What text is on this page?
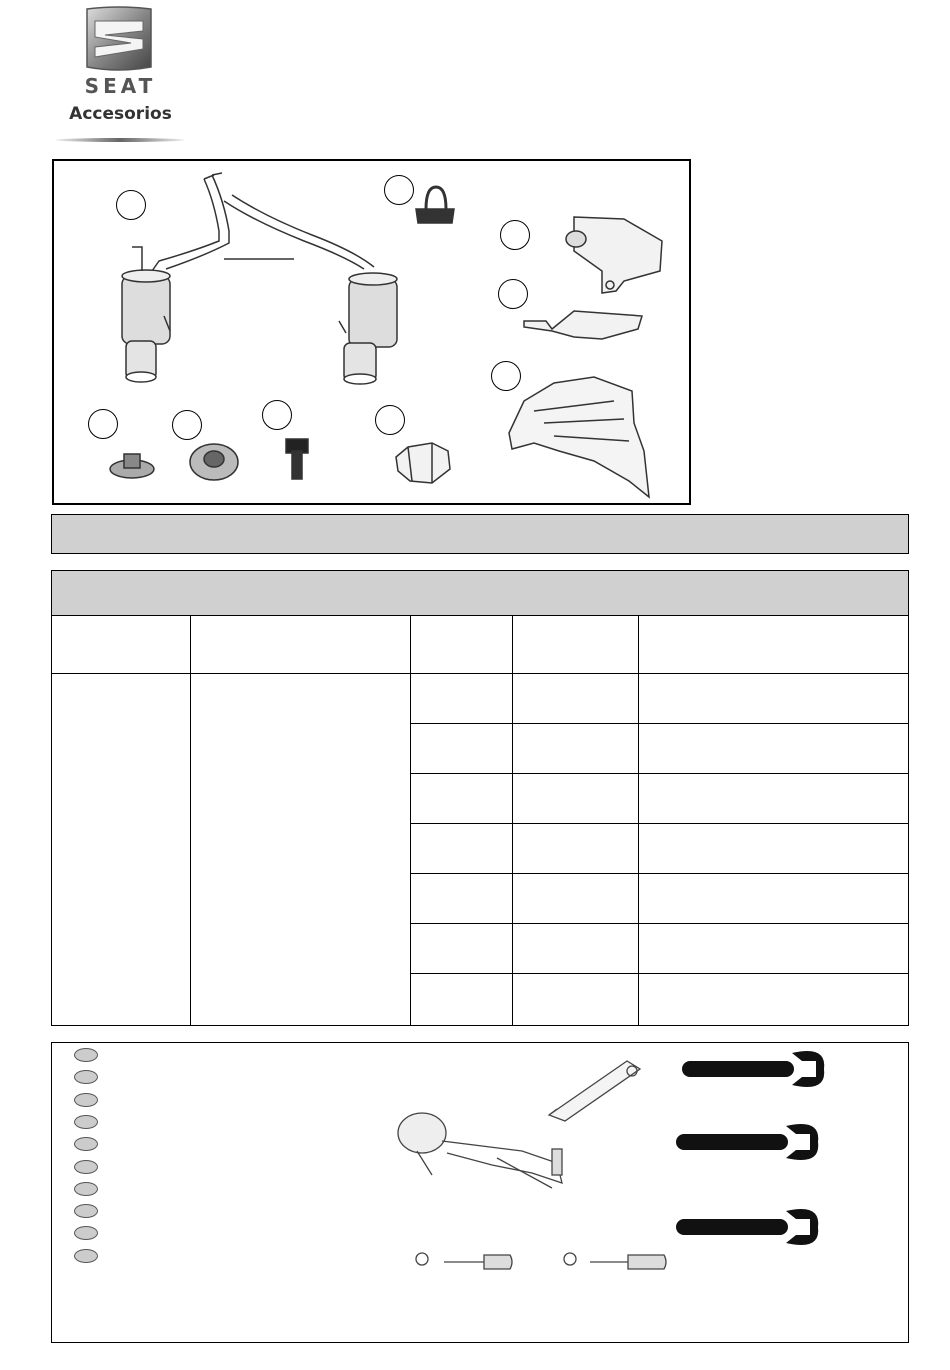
SEAT
Accesorios
